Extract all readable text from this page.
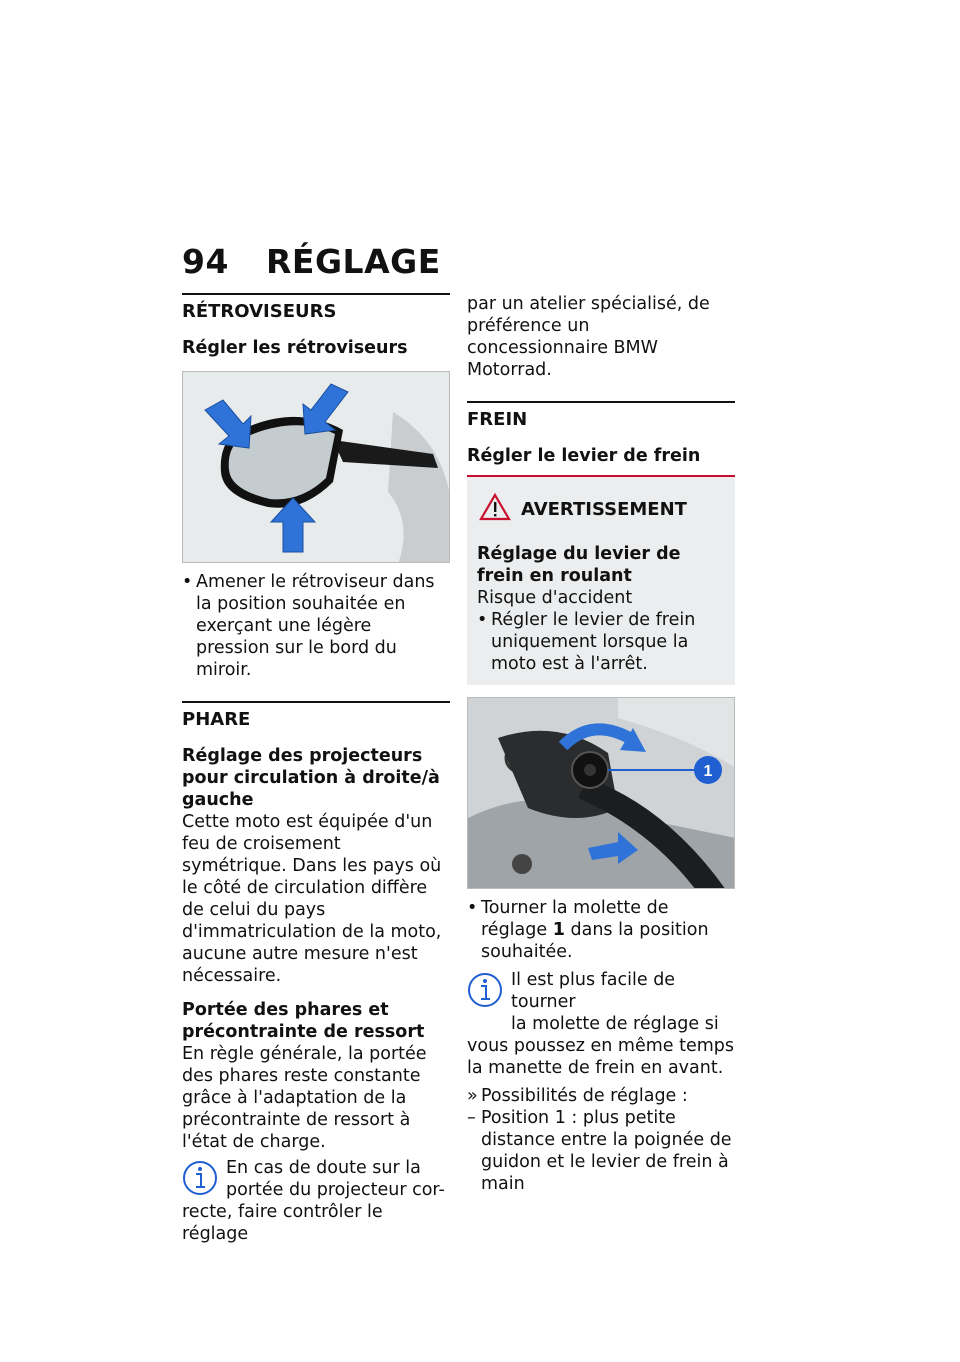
94 RÉGLAGE
RÉTROVISEURS
Régler les rétroviseurs
• Amener le rétroviseur dans la position souhaitée en exerçant une légère pression sur le bord du miroir.
PHARE
Réglage des projecteurs pour circulation à droite/à gauche

Cette moto est équipée d'un feu de croisement symétrique. Dans les pays où le côté de circulation diffère de celui du pays d'immatriculation de la moto, aucune autre mesure n'est nécessaire.

Portée des phares et précontrainte de ressort

En règle générale, la portée des phares reste constante grâce à l'adaptation de la précontrainte de ressort à l'état de charge.

En cas de doute sur la
portée du projecteur cor-
recte, faire contrôler le réglage

par un atelier spécialisé, de préférence un concessionnaire BMW Motorrad.

FREIN
Régler le levier de frein
AVERTISSEMENT
Réglage du levier de frein en roulant

Risque d'accident

• Régler le levier de frein uniquement lorsque la moto est à l'arrêt.
1
• Tourner la molette de réglage 1 dans la position souhaitée.
Il est plus facile de tourner
la molette de réglage si
vous poussez en même temps la manette de frein en avant.
» Possibilités de réglage :
– Position 1 : plus petite distance entre la poignée de guidon et le levier de frein à main
